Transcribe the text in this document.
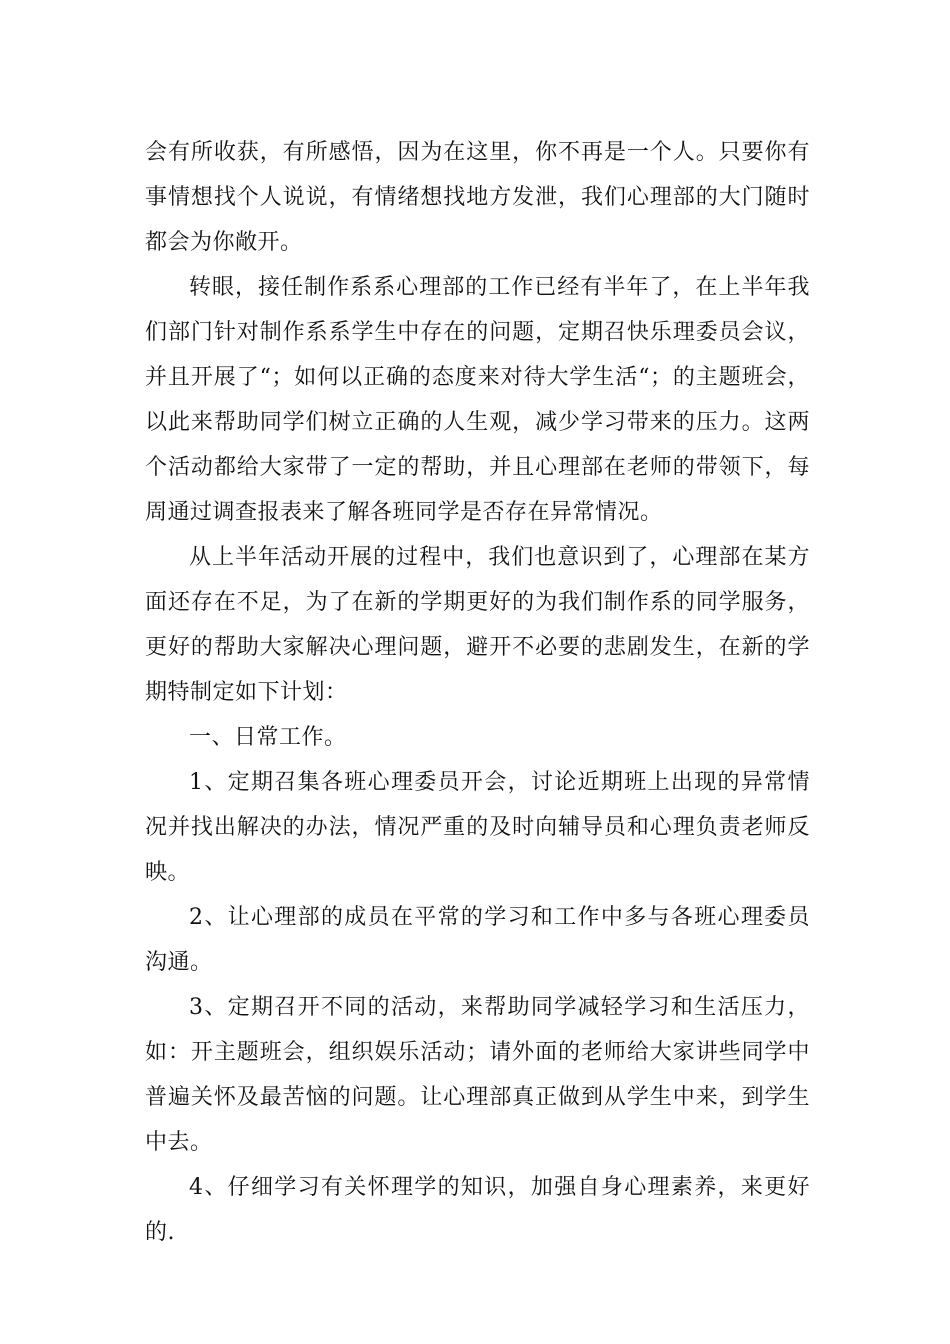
会有所收获，有所感悟，因为在这里，你不再是一个人。只要你有事情想找个人说说，有情绪想找地方发泄，我们心理部的大门随时都会为你敞开。

转眼，接任制作系系心理部的工作已经有半年了，在上半年我们部门针对制作系系学生中存在的问题，定期召快乐理委员会议，并且开展了“；如何以正确的态度来对待大学生活“；的主题班会，以此来帮助同学们树立正确的人生观，减少学习带来的压力。这两个活动都给大家带了一定的帮助，并且心理部在老师的带领下，每周通过调查报表来了解各班同学是否存在异常情况。

从上半年活动开展的过程中，我们也意识到了，心理部在某方面还存在不足，为了在新的学期更好的为我们制作系的同学服务，更好的帮助大家解决心理问题，避开不必要的悲剧发生，在新的学期特制定如下计划：

一、日常工作。

1、定期召集各班心理委员开会，讨论近期班上出现的异常情况并找出解决的办法，情况严重的及时向辅导员和心理负责老师反映。

2、让心理部的成员在平常的学习和工作中多与各班心理委员沟通。

3、定期召开不同的活动，来帮助同学减轻学习和生活压力，如：开主题班会，组织娱乐活动；请外面的老师给大家讲些同学中普遍关怀及最苦恼的问题。让心理部真正做到从学生中来，到学生中去。

4、仔细学习有关怀理学的知识，加强自身心理素养，来更好的.
